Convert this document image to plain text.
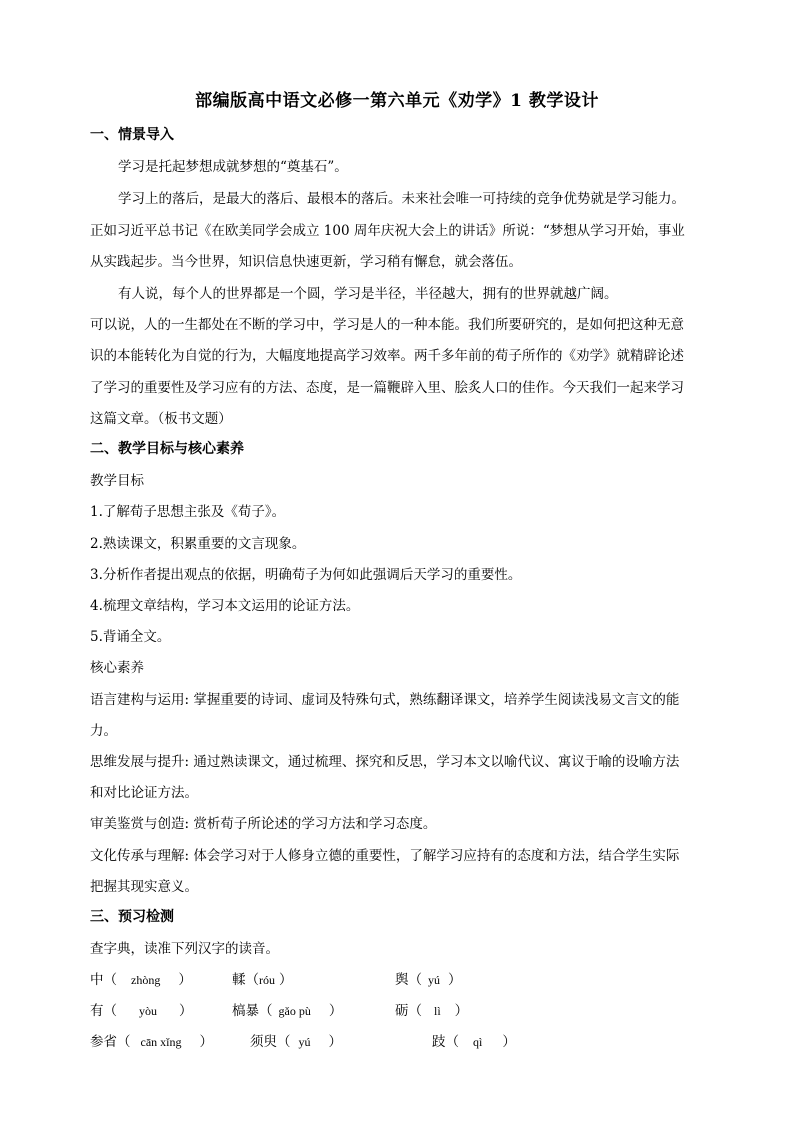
部编版高中语文必修一第六单元《劝学》1 教学设计
一、情景导入
学习是托起梦想成就梦想的“奠基石”。
学习上的落后，是最大的落后、最根本的落后。未来社会唯一可持续的竞争优势就是学习能力。
正如习近平总书记《在欧美同学会成立 100 周年庆祝大会上的讲话》所说：“梦想从学习开始，事业
从实践起步。当今世界，知识信息快速更新，学习稍有懈怠，就会落伍。
有人说，每个人的世界都是一个圆，学习是半径，半径越大，拥有的世界就越广阔。
可以说，人的一生都处在不断的学习中，学习是人的一种本能。我们所要研究的，是如何把这种无意
识的本能转化为自觉的行为，大幅度地提高学习效率。两千多年前的荀子所作的《劝学》就精辟论述
了学习的重要性及学习应有的方法、态度，是一篇鞭辟入里、脍炙人口的佳作。今天我们一起来学习
这篇文章。（板书文题）
二、教学目标与核心素养
教学目标
1.了解荀子思想主张及《荀子》。
2.熟读课文，积累重要的文言现象。
3.分析作者提出观点的依据，明确荀子为何如此强调后天学习的重要性。
4.梳理文章结构，学习本文运用的论证方法。
5.背诵全文。
核心素养
语言建构与运用: 掌握重要的诗词、虚词及特殊句式，熟练翻译课文，培养学生阅读浅易文言文的能
力。
思维发展与提升: 通过熟读课文，通过梳理、探究和反思，学习本文以喻代议、寓议于喻的设喻方法
和对比论证方法。
审美鉴赏与创造: 赏析荀子所论述的学习方法和学习态度。
文化传承与理解: 体会学习对于人修身立德的重要性，了解学习应持有的态度和方法，结合学生实际
把握其现实意义。
三、预习检测
查字典，读准下列汉字的读音。
中（ zhòng ）	輮（róu ）	舆（ yú ）
有（ yòu ）	槁暴（ gǎo pù ）	砺（ lì ）
参省（ cān xǐng ）	须臾（ yú ）	跂（ qì ）
